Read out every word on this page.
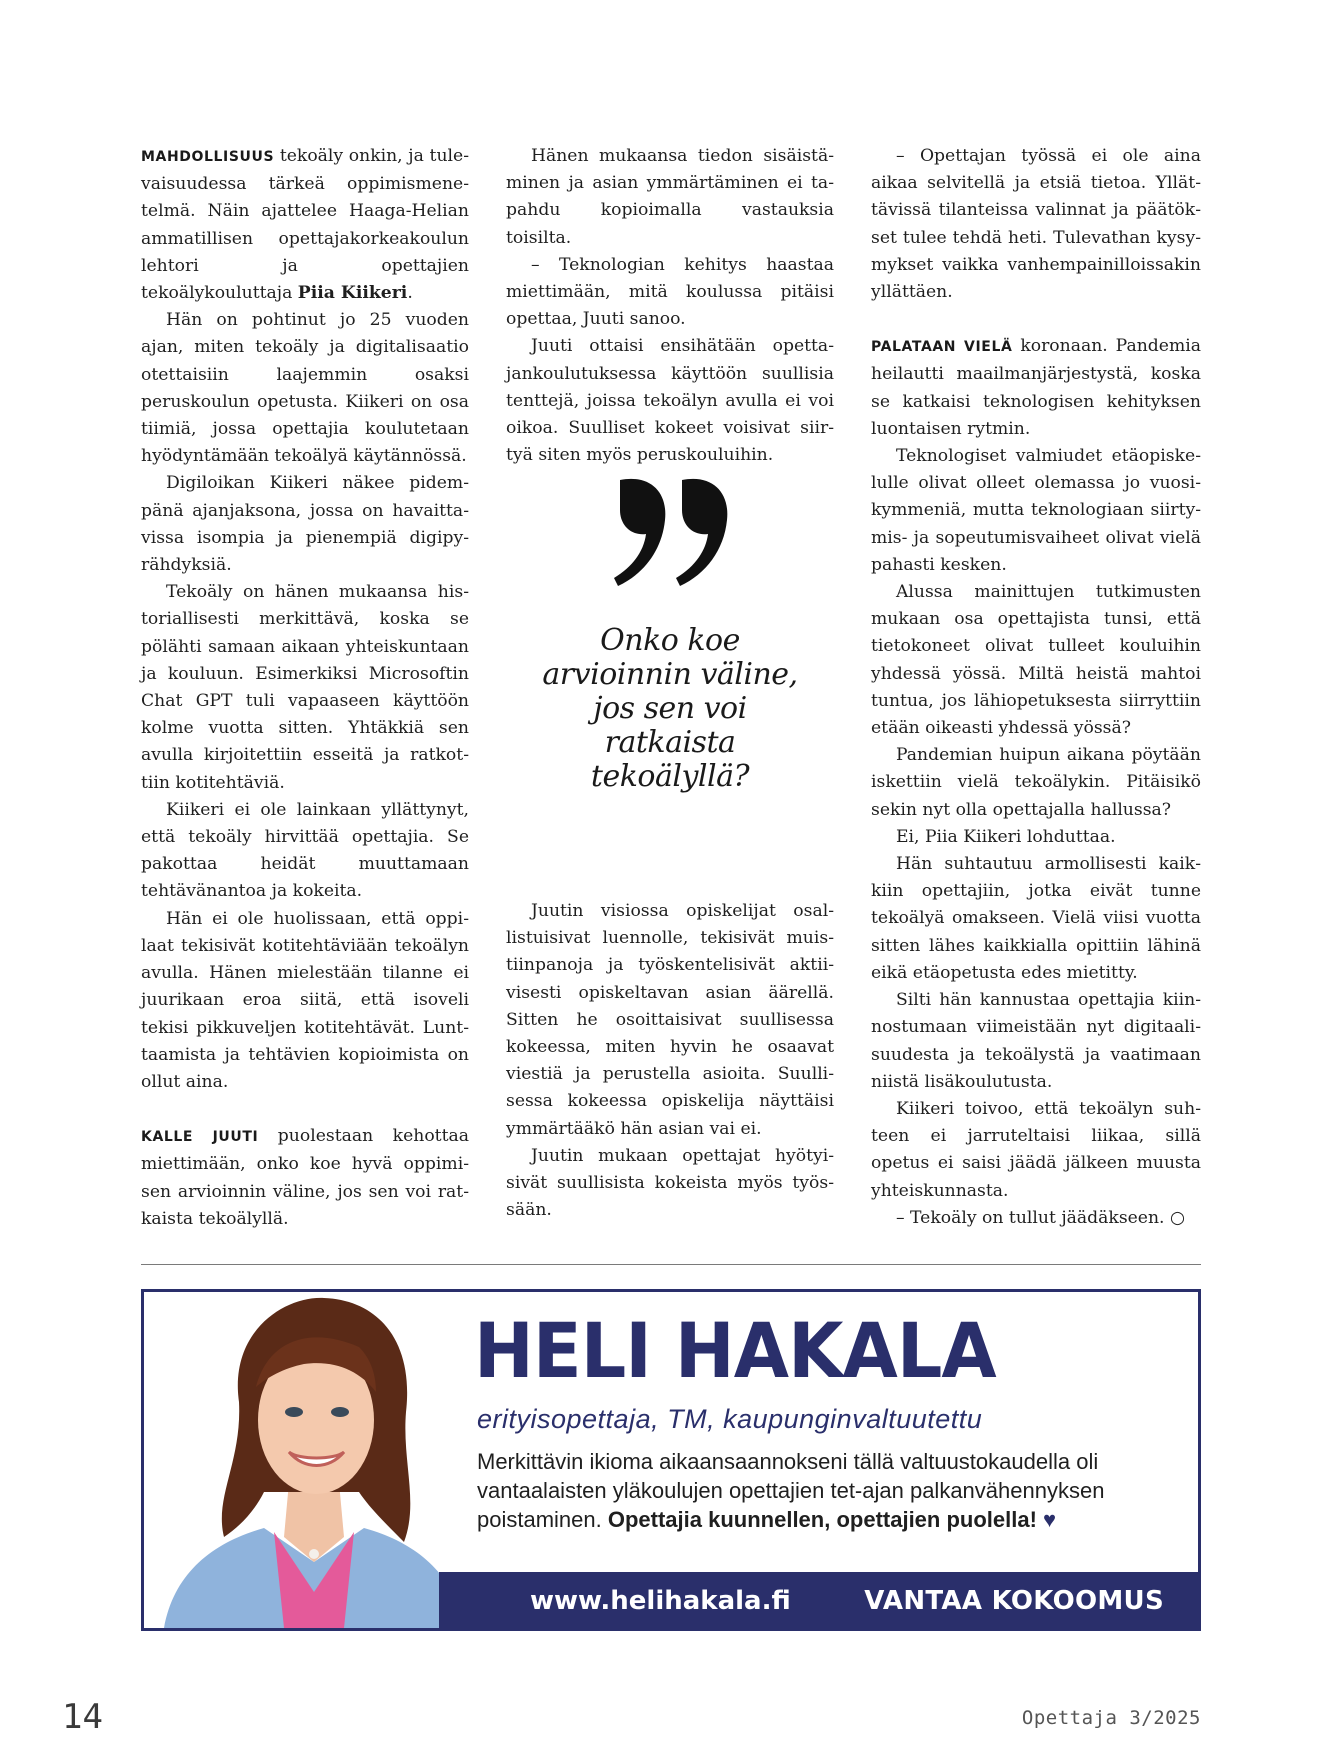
MAHDOLLISUUS tekoäly onkin, ja tulevaisuudessa tärkeä oppimismenetelmä. Näin ajattelee Haaga-Helian ammatillisen opettajakorkeakoulun lehtori ja opettajien tekoälykouluttaja Piia Kiikeri.

Hän on pohtinut jo 25 vuoden ajan, miten tekoäly ja digitalisaatio otettaisiin laajemmin osaksi peruskoulun opetusta. Kiikeri on osa tiimiä, jossa opettajia koulutetaan hyödyntämään tekoälyä käytännössä.

Digiloikan Kiikeri näkee pidempänä ajanjaksona, jossa on havaittavissa isompia ja pienempiä digipyrähdyksiä.

Tekoäly on hänen mukaansa historiallisesti merkittävä, koska se pölähti samaan aikaan yhteiskuntaan ja kouluun. Esimerkiksi Microsoftin Chat GPT tuli vapaaseen käyttöön kolme vuotta sitten. Yhtäkkiä sen avulla kirjoitettiin esseitä ja ratkottiin kotitehtäviä.

Kiikeri ei ole lainkaan yllättynyt, että tekoäly hirvittää opettajia. Se pakottaa heidät muuttamaan tehtävänantoa ja kokeita.

Hän ei ole huolissaan, että oppilaat tekisivät kotitehtäviään tekoälyn avulla. Hänen mielestään tilanne ei juurikaan eroa siitä, että isoveli tekisi pikkuveljen kotitehtävät. Lunttaamista ja tehtävien kopioimista on ollut aina.

KALLE JUUTI puolestaan kehottaa miettimään, onko koe hyvä oppimisen arvioinnin väline, jos sen voi ratkaista tekoälyllä.

Hänen mukaansa tiedon sisäistäminen ja asian ymmärtäminen ei tapahdu kopioimalla vastauksia toisilta.

– Teknologian kehitys haastaa miettimään, mitä koulussa pitäisi opettaa, Juuti sanoo.

Juuti ottaisi ensihätään opettajankoulutuksessa käyttöön suullisia tenttejä, joissa tekoälyn avulla ei voi oikoa. Suulliset kokeet voisivat siirtyä siten myös peruskouluihin.

Onko koe arvioinnin väline, jos sen voi ratkaista tekoälyllä?

Juutin visiossa opiskelijat osallistuisivat luennolle, tekisivät muistiinpanoja ja työskentelisivät aktiivisesti opiskeltavan asian äärellä. Sitten he osoittaisivat suullisessa kokeessa, miten hyvin he osaavat viestiä ja perustella asioita. Suullisessa kokeessa opiskelija näyttäisi ymmärtääkö hän asian vai ei.

Juutin mukaan opettajat hyötyisivät suullisista kokeista myös työssään.

– Opettajan työssä ei ole aina aikaa selvitellä ja etsiä tietoa. Yllättävissä tilanteissa valinnat ja päätökset tulee tehdä heti. Tulevathan kysymykset vaikka vanhempainilloissakin yllättäen.

PALATAAN VIELÄ koronaan. Pandemia heilautti maailmanjärjestystä, koska se katkaisi teknologisen kehityksen luontaisen rytmin.

Teknologiset valmiudet etäopiskelulle olivat olleet olemassa jo vuosikymmeniä, mutta teknologiaan siirtymis- ja sopeutumisvaiheet olivat vielä pahasti kesken.

Alussa mainittujen tutkimusten mukaan osa opettajista tunsi, että tietokoneet olivat tulleet kouluihin yhdessä yössä. Miltä heistä mahtoi tuntua, jos lähiopetuksesta siirryttiin etään oikeasti yhdessä yössä?

Pandemian huipun aikana pöytään iskettiin vielä tekoälykin. Pitäisikö sekin nyt olla opettajalla hallussa?

Ei, Piia Kiikeri lohduttaa.

Hän suhtautuu armollisesti kaikkiin opettajiin, jotka eivät tunne tekoälyä omakseen. Vielä viisi vuotta sitten lähes kaikkialla opittiin lähinä eikä etäopetusta edes mietitty.

Silti hän kannustaa opettajia kiinnostumaan viimeistään nyt digitaalisuudesta ja tekoälystä ja vaatimaan niistä lisäkoulutusta.

Kiikeri toivoo, että tekoälyn suhteen ei jarruteltaisi liikaa, sillä opetus ei saisi jäädä jälkeen muusta yhteiskunnasta.

– Tekoäly on tullut jäädäkseen. ○

HELI HAKALA
erityisopettaja, TM, kaupunginvaltuutettu
Merkittävin ikioma aikaansaannokseni tällä valtuustokaudella oli vantaalaisten yläkoulujen opettajien tet-ajan palkanvähennyksen poistaminen. Opettajia kuunnellen, opettajien puolella! ♥
www.helihakala.fi	VANTAA KOKOOMUS
14	Opettaja 3/2025
